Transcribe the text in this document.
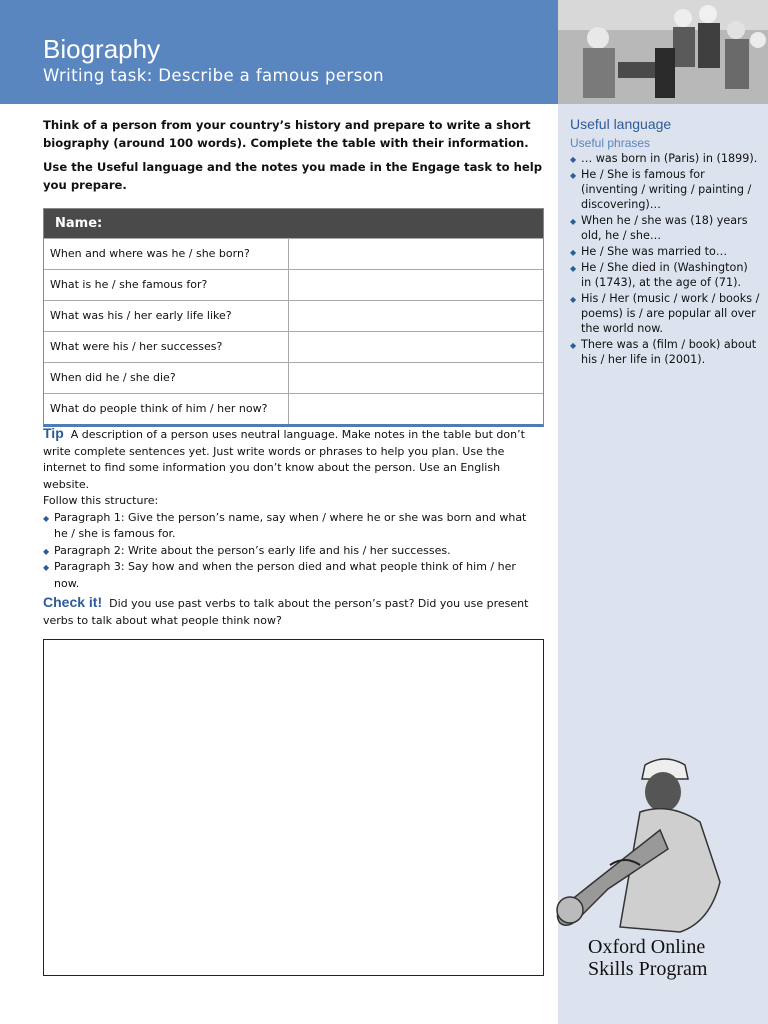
Biography
Writing task: Describe a famous person
Useful language
Useful phrases
◆ … was born in (Paris) in (1899).
◆ He / She is famous for (inventing / writing / painting / discovering)…
◆ When he / she was (18) years old, he / she…
◆ He / She was married to…
◆ He / She died in (Washington) in (1743), at the age of (71).
◆ His / Her (music / work / books / poems) is / are popular all over the world now.
◆ There was a (film / book) about his / her life in (2001).

Think of a person from your country’s history and prepare to write a short biography (around 100 words). Complete the table with their information.

Use the Useful language and the notes you made in the Engage task to help you prepare.

Name:
When and where was he / she born?
What is he / she famous for?
What was his / her early life like?
What were his / her successes?
When did he / she die?
What do people think of him / her now?
Tip A description of a person uses neutral language. Make notes in the table but don’t write complete sentences yet. Just write words or phrases to help you plan. Use the internet to find some information you don’t know about the person. Use an English website.
Follow this structure:
◆ Paragraph 1: Give the person’s name, say when / where he or she was born and what he / she is famous for.
◆ Paragraph 2: Write about the person’s early life and his / her successes.
◆ Paragraph 3: Say how and when the person died and what people think of him / her now.
Check it! Did you use past verbs to talk about the person’s past? Did you use present verbs to talk about what people think now?
Oxford Online
Skills Program
